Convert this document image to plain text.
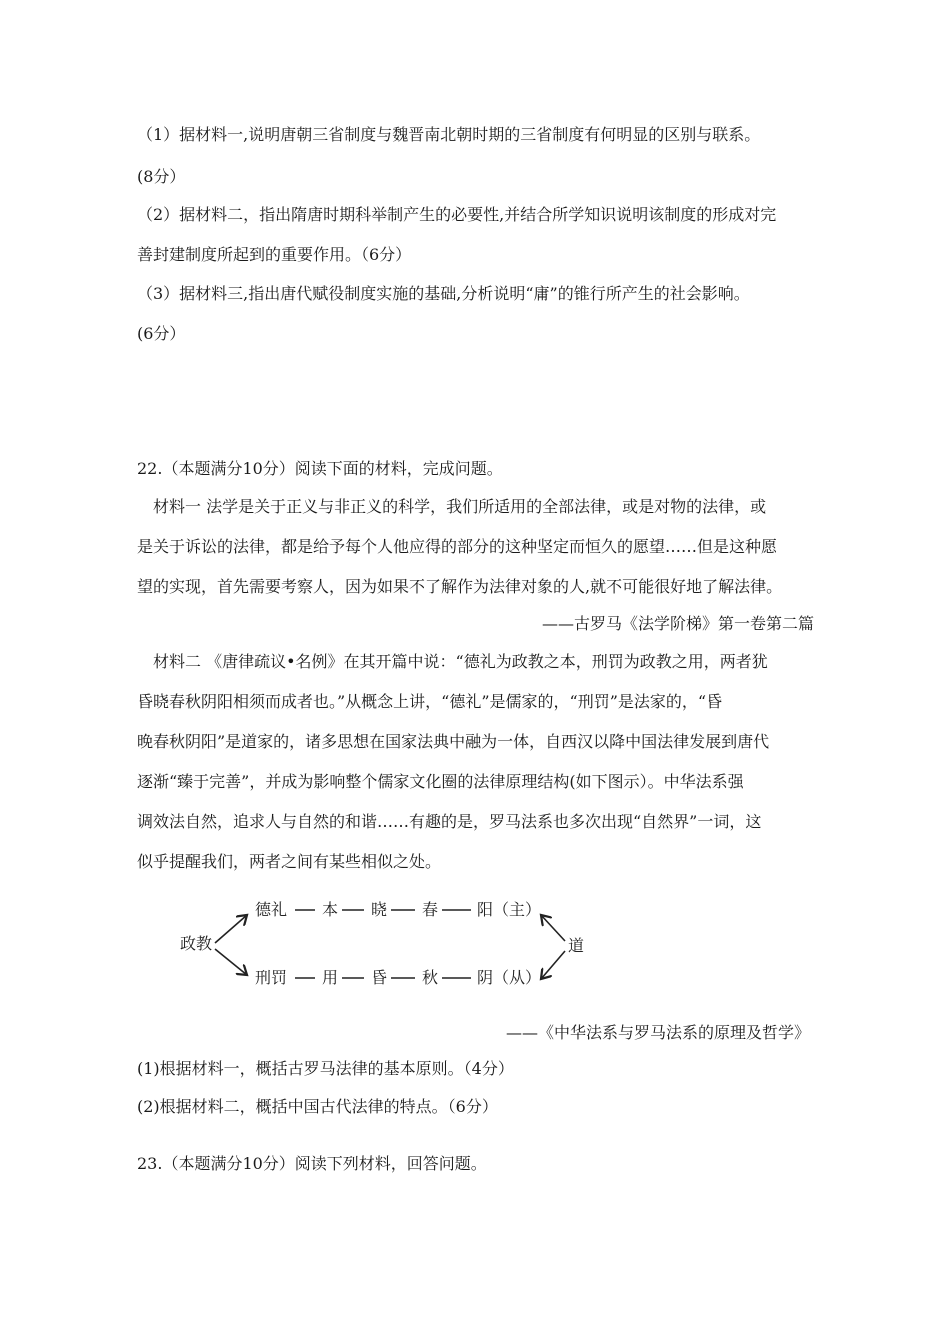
（1）据材料一,说明唐朝三省制度与魏晋南北朝时期的三省制度有何明显的区别与联系。
(8分）
（2）据材料二，指出隋唐时期科举制产生的必要性,并结合所学知识说明该制度的形成对完
善封建制度所起到的重要作用。（6分）
（3）据材料三,指出唐代赋役制度实施的基础,分析说明“庸”的锥行所产生的社会影响。
(6分）
22.（本题满分10分）阅读下面的材料，完成问题。
材料一 法学是关于正义与非正义的科学，我们所适用的全部法律，或是对物的法律，或
是关于诉讼的法律，都是给予每个人他应得的部分的这种坚定而恒久的愿望……但是这种愿
望的实现，首先需要考察人，因为如果不了解作为法律对象的人,就不可能很好地了解法律。
——古罗马《法学阶梯》第一卷第二篇
材料二 《唐律疏议•名例》在其开篇中说：“德礼为政教之本，刑罚为政教之用，两者犹
昏晓春秋阴阳相须而成者也。”从概念上讲，“德礼”是儒家的，“刑罚”是法家的，“昏
晚春秋阴阳”是道家的，诸多思想在国家法典中融为一体，自西汉以降中国法律发展到唐代
逐渐“臻于完善”，并成为影响整个儒家文化圈的法律原理结构(如下图示）。中华法系强
调效法自然，追求人与自然的和谐……有趣的是，罗马法系也多次出现“自然界”一词，这
似乎提醒我们，两者之间有某些相似之处。
政教
德礼 本 晓 春 阳（主）
刑罚 用 昏 秋 阴（从）
道
——《中华法系与罗马法系的原理及哲学》
(1)根据材料一，概括古罗马法律的基本原则。（4分）
(2)根据材料二，概括中国古代法律的特点。（6分）
23.（本题满分10分）阅读下列材料，回答问题。
